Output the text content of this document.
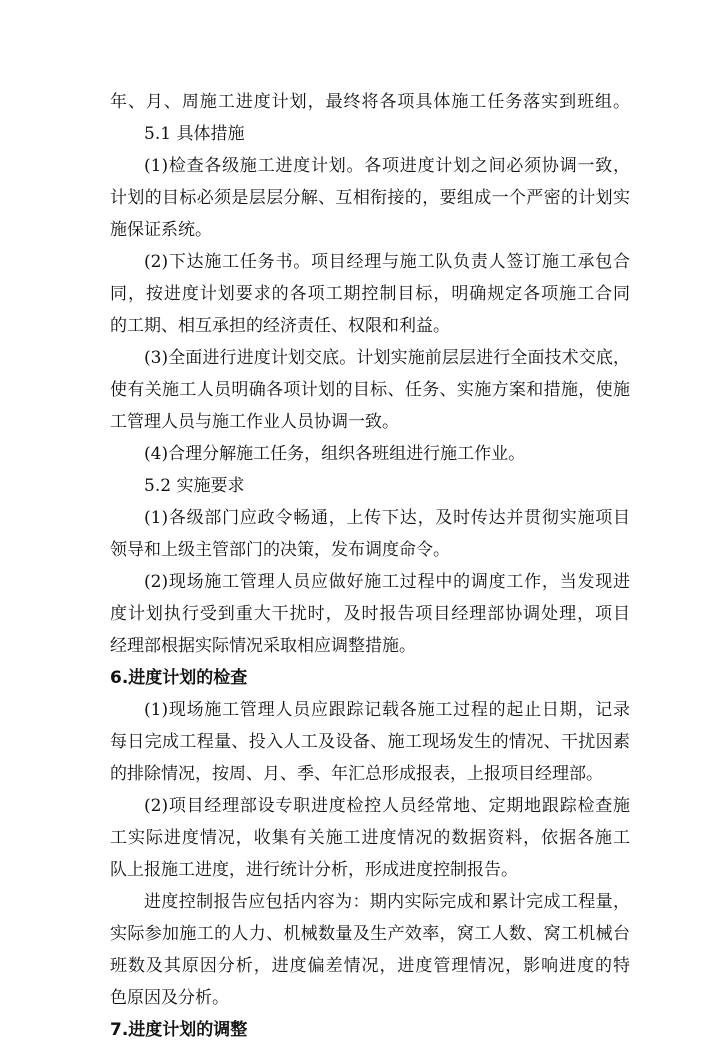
年、月、周施工进度计划，最终将各项具体施工任务落实到班组。
5.1 具体措施
(1)检查各级施工进度计划。各项进度计划之间必须协调一致，
计划的目标必须是层层分解、互相衔接的，要组成一个严密的计划实
施保证系统。
(2)下达施工任务书。项目经理与施工队负责人签订施工承包合
同，按进度计划要求的各项工期控制目标，明确规定各项施工合同
的工期、相互承担的经济责任、权限和利益。
(3)全面进行进度计划交底。计划实施前层层进行全面技术交底，
使有关施工人员明确各项计划的目标、任务、实施方案和措施，使施
工管理人员与施工作业人员协调一致。
(4)合理分解施工任务，组织各班组进行施工作业。
5.2 实施要求
(1)各级部门应政令畅通，上传下达，及时传达并贯彻实施项目
领导和上级主管部门的决策，发布调度命令。
(2)现场施工管理人员应做好施工过程中的调度工作，当发现进
度计划执行受到重大干扰时，及时报告项目经理部协调处理，项目
经理部根据实际情况采取相应调整措施。
6.进度计划的检查
(1)现场施工管理人员应跟踪记载各施工过程的起止日期，记录
每日完成工程量、投入人工及设备、施工现场发生的情况、干扰因素
的排除情况，按周、月、季、年汇总形成报表，上报项目经理部。
(2)项目经理部设专职进度检控人员经常地、定期地跟踪检查施
工实际进度情况，收集有关施工进度情况的数据资料，依据各施工
队上报施工进度，进行统计分析，形成进度控制报告。
进度控制报告应包括内容为：期内实际完成和累计完成工程量，
实际参加施工的人力、机械数量及生产效率，窝工人数、窝工机械台
班数及其原因分析，进度偏差情况，进度管理情况，影响进度的特
色原因及分析。
7.进度计划的调整
